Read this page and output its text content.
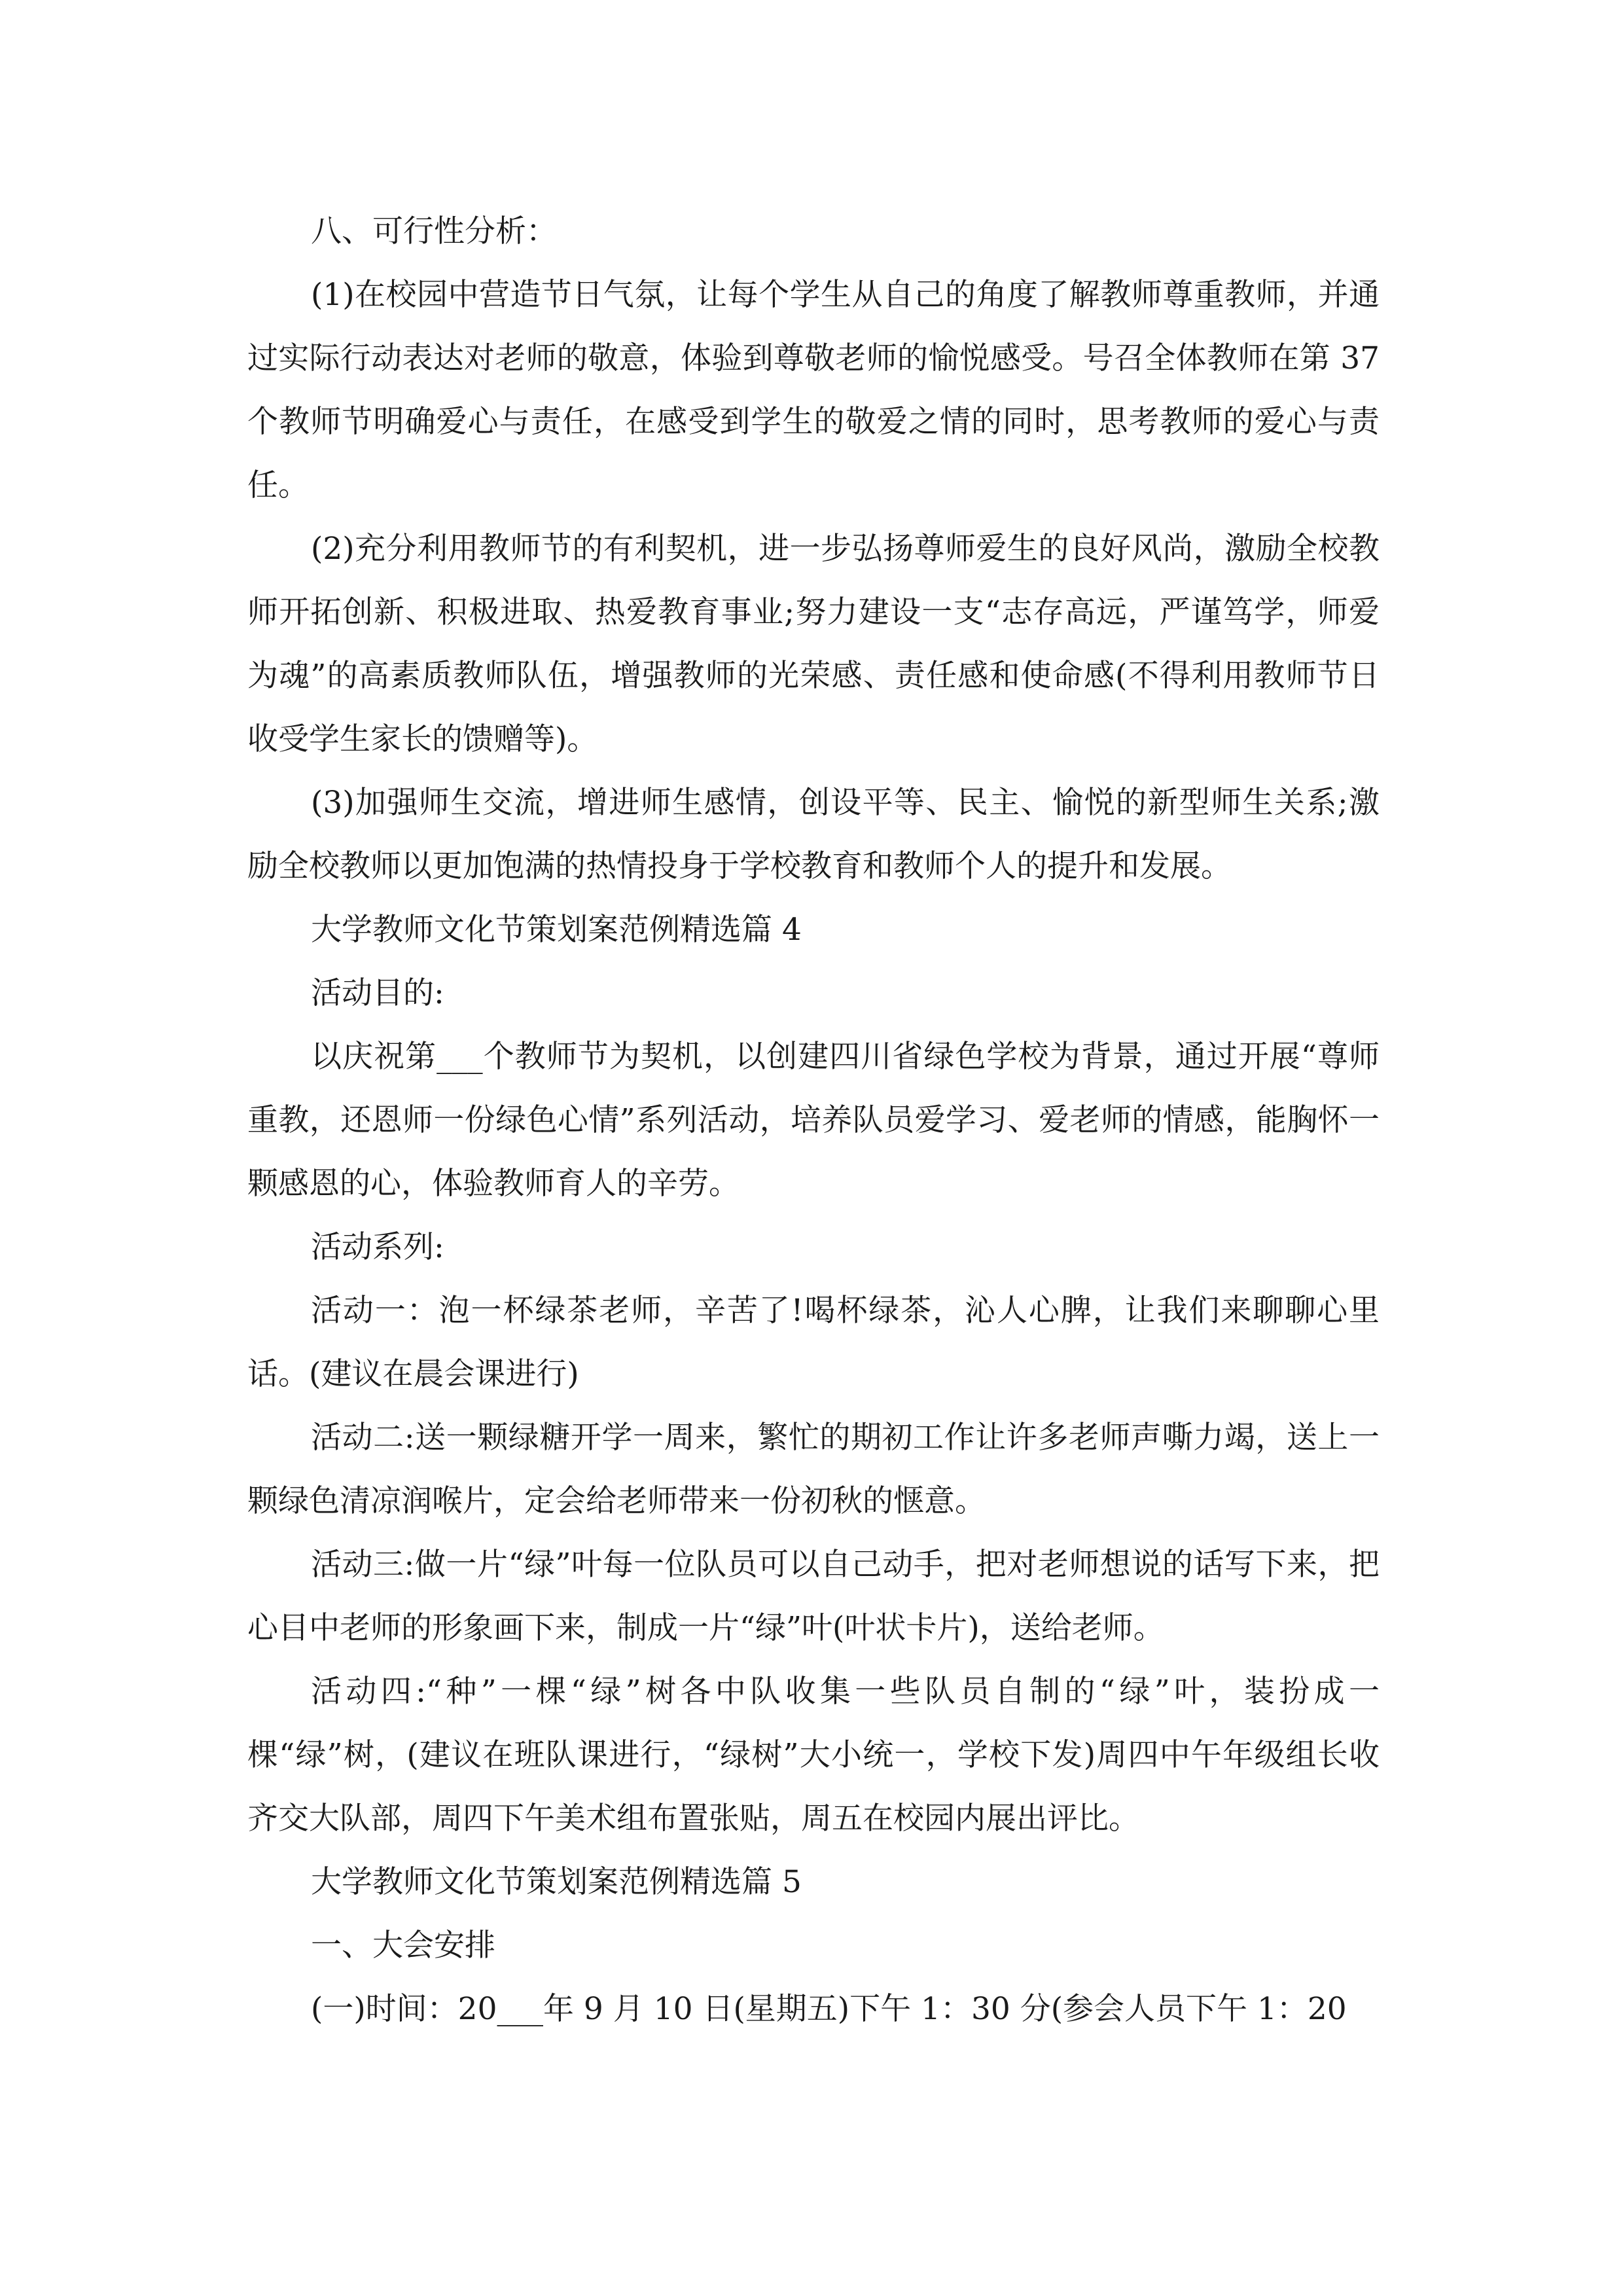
八、可行性分析：

(1)在校园中营造节日气氛，让每个学生从自己的角度了解教师尊重教师，并通过实际行动表达对老师的敬意，体验到尊敬老师的愉悦感受。号召全体教师在第 37 个教师节明确爱心与责任，在感受到学生的敬爱之情的同时，思考教师的爱心与责任。

(2)充分利用教师节的有利契机，进一步弘扬尊师爱生的良好风尚，激励全校教师开拓创新、积极进取、热爱教育事业;努力建设一支“志存高远，严谨笃学，师爱为魂”的高素质教师队伍，增强教师的光荣感、责任感和使命感(不得利用教师节日收受学生家长的馈赠等)。

(3)加强师生交流，增进师生感情，创设平等、民主、愉悦的新型师生关系;激励全校教师以更加饱满的热情投身于学校教育和教师个人的提升和发展。

大学教师文化节策划案范例精选篇 4

活动目的:

以庆祝第___个教师节为契机，以创建四川省绿色学校为背景，通过开展“尊师重教，还恩师一份绿色心情”系列活动，培养队员爱学习、爱老师的情感，能胸怀一颗感恩的心，体验教师育人的辛劳。

活动系列:

活动一：泡一杯绿茶老师，辛苦了!喝杯绿茶，沁人心脾，让我们来聊聊心里话。(建议在晨会课进行)

活动二:送一颗绿糖开学一周来，繁忙的期初工作让许多老师声嘶力竭，送上一颗绿色清凉润喉片，定会给老师带来一份初秋的惬意。

活动三:做一片“绿”叶每一位队员可以自己动手，把对老师想说的话写下来，把心目中老师的形象画下来，制成一片“绿”叶(叶状卡片)，送给老师。

活动四:“种”一棵“绿”树各中队收集一些队员自制的“绿”叶，装扮成一棵“绿”树，(建议在班队课进行，“绿树”大小统一，学校下发)周四中午年级组长收齐交大队部，周四下午美术组布置张贴，周五在校园内展出评比。

大学教师文化节策划案范例精选篇 5

一、大会安排

(一)时间：20___年 9 月 10 日(星期五)下午 1：30 分(参会人员下午 1：20
